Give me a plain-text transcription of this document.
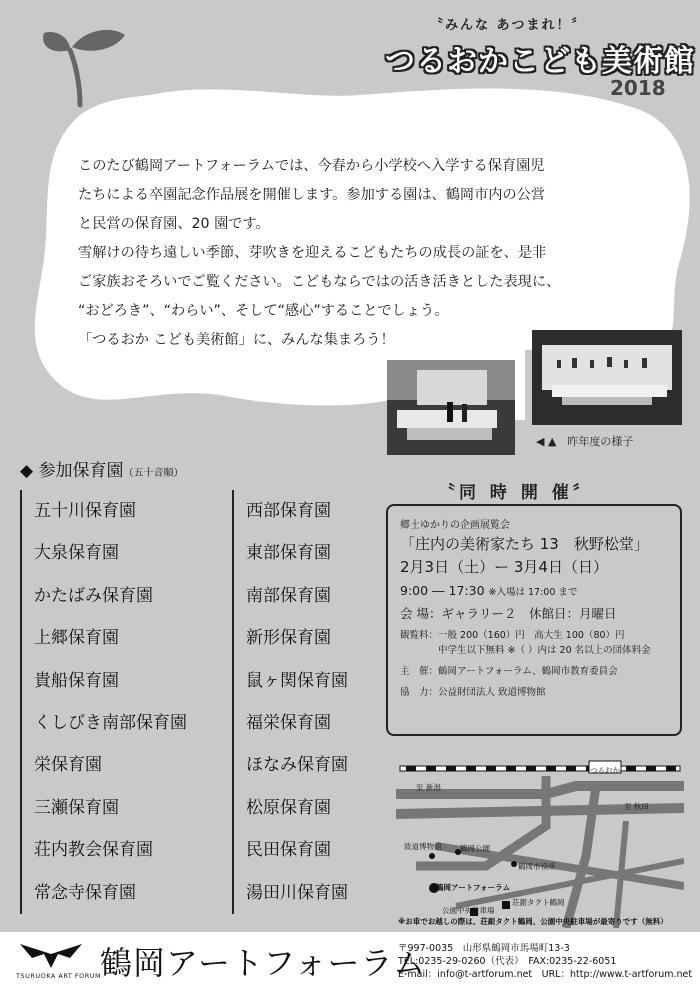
〝みんな あつまれ！〞
つるおかこども美術館
2018

このたび鶴岡アートフォーラムでは、今春から小学校へ入学する保育園児

たちによる卒園記念作品展を開催します。参加する園は、鶴岡市内の公営

と民営の保育園、20 園です。

雪解けの待ち遠しい季節、芽吹きを迎えるこどもたちの成長の証を、是非

ご家族おそろいでご覧ください。こどもならではの活き活きとした表現に、

“おどろき”、“わらい”、そして“感心”することでしょう。

「つるおか こども美術館」に、みんな集まろう！

◀ ▲　昨年度の様子
◆ 参加保育園（五十音順）
五十川保育園
大泉保育園
かたばみ保育園
上郷保育園
貴船保育園
くしびき南部保育園
栄保育園
三瀬保育園
荘内教会保育園
常念寺保育園
西部保育園
東部保育園
南部保育園
新形保育園
鼠ヶ関保育園
福栄保育園
ほなみ保育園
松原保育園
民田保育園
湯田川保育園
〝同 時 開 催〞
郷土ゆかりの企画展覧会
「庄内の美術家たち 13　秋野松堂」
2月3日（土）ー 3月4日（日）
9:00 ― 17:30 ※入場は 17:00 まで
会 場：ギャラリー２　休館日：月曜日
観覧料：一般 200（160）円　高大生 100（80）円
　　　　中学生以下無料 ※（ ）内は 20 名以上の団体料金
主　催：鶴岡アートフォーラム、鶴岡市教育委員会
協　力：公益財団法人 致道博物館
つるおか
至 新潟
至 秋田
致道博物館 鶴岡公園
鶴岡市役所
鶴岡アートフォーラム
荘銀タクト鶴岡
公園中央駐車場
※お車でお越しの際は、荘銀タクト鶴岡、公園中央駐車場が最寄りです（無料）
TSURUOKA ART FORUM
鶴岡アートフォーラム
〒997-0035　山形県鶴岡市馬場町13-3
TEL:0235-29-0260（代表）　FAX:0235-22-6051
E-mail：info@t-artforum.net　URL：http://www.t-artforum.net
